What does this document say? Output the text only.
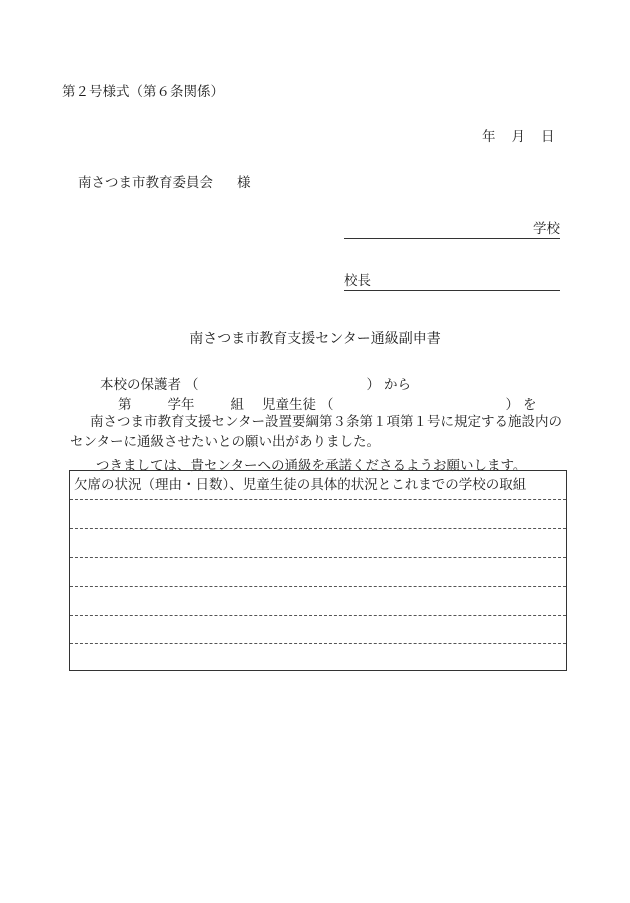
第２号様式（第６条関係）
年 月 日
南さつま市教育委員会 様
学校
校長
南さつま市教育支援センター通級副申書
本校の保護者 （	） から
第	学年	組 児童生徒 （	） を
南さつま市教育支援センター設置要綱第３条第１項第１号に規定する施設内のセンターに通級させたいとの願い出がありました。
つきましては、貴センターへの通級を承諾くださるようお願いします。
欠席の状況（理由・日数）、児童生徒の具体的状況とこれまでの学校の取組
